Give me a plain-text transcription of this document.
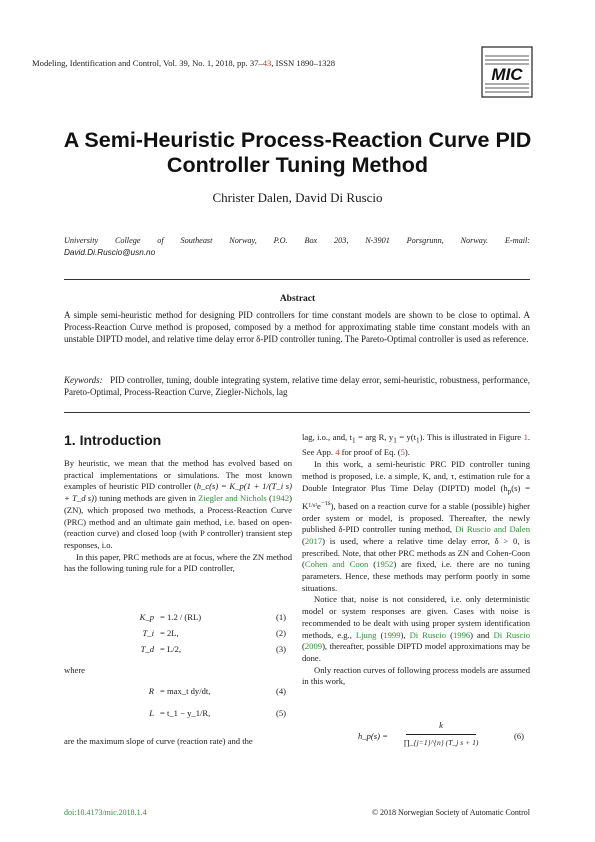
Modeling, Identification and Control, Vol. 39, No. 1, 2018, pp. 37–43, ISSN 1890–1328
MIC
A Semi-Heuristic Process-Reaction Curve PID
Controller Tuning Method
Christer Dalen, David Di Ruscio
University College of Southeast Norway, P.O. Box 203, N-3901 Porsgrunn, Norway. E-mail:
David.Di.Ruscio@usn.no
Abstract
A simple semi-heuristic method for designing PID controllers for time constant models are shown to be close to optimal. A Process-Reaction Curve method is proposed, composed by a method for approximating stable time constant models with an unstable DIPTD model, and relative time delay error δ-PID controller tuning. The Pareto-Optimal controller is used as reference.
Keywords: PID controller, tuning, double integrating system, relative time delay error, semi-heuristic, robustness, performance, Pareto-Optimal, Process-Reaction Curve, Ziegler-Nichols, lag
1. Introduction

By heuristic, we mean that the method has evolved based on practical implementations or simulations. The most known examples of heuristic PID controller (h_c(s) = K_p(1 + 1/(T_i s) + T_d s)) tuning methods are given in Ziegler and Nichols (1942) (ZN), which proposed two methods, a Process-Reaction Curve (PRC) method and an ultimate gain method, i.e. based on open- (reaction curve) and closed loop (with P controller) transient step responses, i.o.

In this paper, PRC methods are at focus, where the ZN method has the following tuning rule for a PID controller,

K_p = 1.2 / (RL)	(1)
T_i = 2L,	(2)
T_d = L/2,	(3)
where
R = max_t dy/dt,	(4)
L = t_1 − y_1/R,	(5)
are the maximum slope of curve (reaction rate) and the

lag, i.o., and, $t_1$ = arg R, $y_1 = y(t_1)$. This is illustrated in Figure 1. See App. 4 for proof of Eq. (5).

In this work, a semi-heuristic PRC PID controller tuning method is proposed, i.e. a simple, K, and, τ, estimation rule for a Double Integrator Plus Time Delay (DIPTD) model $(h_p(s) = K^{1/s^2}e^{-\tau s})$, based on a reaction curve for a stable (possible) higher order system or model, is proposed. Thereafter, the newly published δ-PID controller tuning method, Di Ruscio and Dalen (2017) is used, where a relative time delay error, δ > 0, is prescribed. Note, that other PRC methods as ZN and Cohen-Coon (Cohen and Coon (1952) are fixed, i.e. there are no tuning parameters. Hence, these methods may perform poorly in some situations.

Notice that, noise is not considered, i.e. only deterministic model or system responses are given. Cases with noise is recommended to be dealt with using proper system identification methods, e.g., Ljung (1999), Di Ruscio (1996) and Di Ruscio (2009), thereafter, possible DIPTD model approximations may be done.

Only reaction curves of following process models are assumed in this work,

h_p(s) =
k
∏_{j=1}^{n} (T_j s + 1)
(6)
doi:10.4173/mic.2018.1.4	© 2018 Norwegian Society of Automatic Control
